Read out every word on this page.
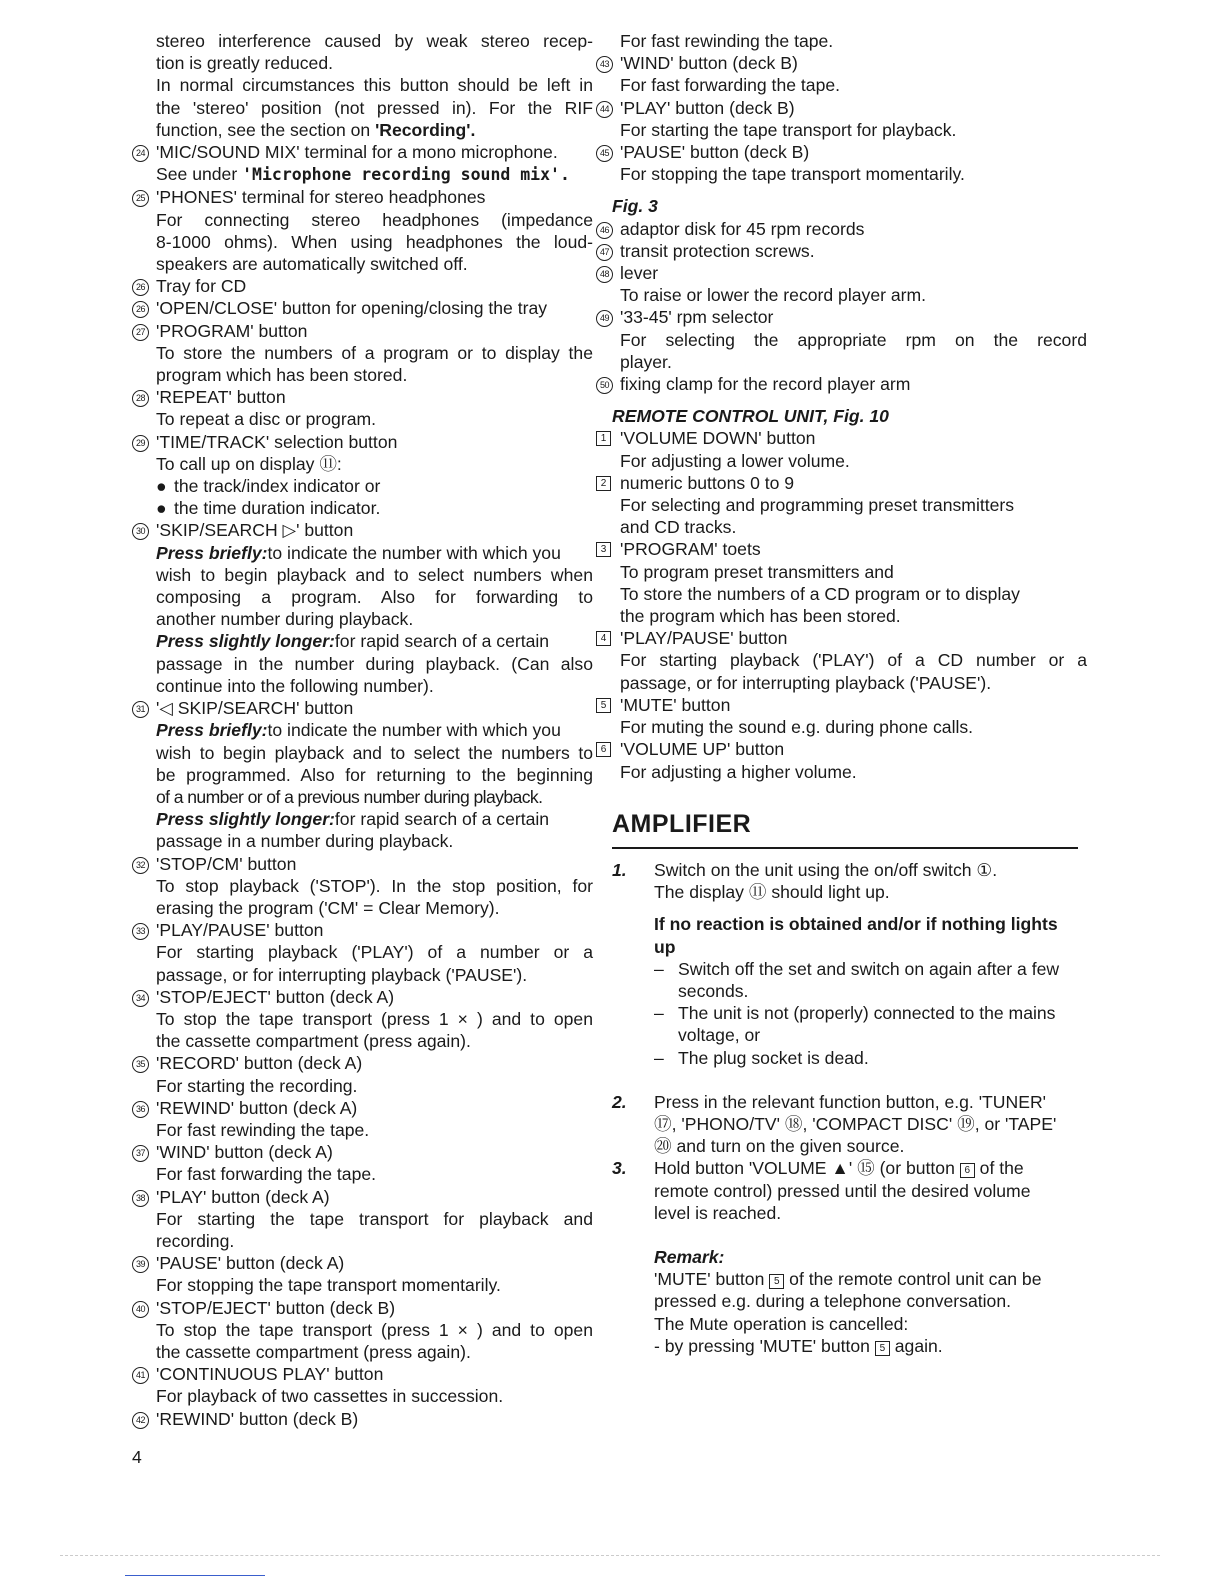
stereo interference caused by weak stereo recep-
tion is greatly reduced.
In normal circumstances this button should be left in
the 'stereo' position (not pressed in). For the RIF
function, see the section on 'Recording'.
24 'MIC/SOUND MIX' terminal for a mono microphone.
See under 'Microphone recording sound mix'.
25 'PHONES' terminal for stereo headphones
For connecting stereo headphones (impedance
8-1000 ohms). When using headphones the loud-
speakers are automatically switched off.
26 Tray for CD
26 'OPEN/CLOSE' button for opening/closing the tray
27 'PROGRAM' button
To store the numbers of a program or to display the
program which has been stored.
28 'REPEAT' button
To repeat a disc or program.
29 'TIME/TRACK' selection button
To call up on display ⑪:
● the track/index indicator or
● the time duration indicator.
30 'SKIP/SEARCH ▷' button
Press briefly:to indicate the number with which you
wish to begin playback and to select numbers when
composing a program. Also for forwarding to
another number during playback.
Press slightly longer:for rapid search of a certain
passage in the number during playback. (Can also
continue into the following number).
31 '◁ SKIP/SEARCH' button
Press briefly:to indicate the number with which you
wish to begin playback and to select the numbers to
be programmed. Also for returning to the beginning
of a number or of a previous number during playback.
Press slightly longer:for rapid search of a certain
passage in a number during playback.
32 'STOP/CM' button
To stop playback ('STOP'). In the stop position, for
erasing the program ('CM' = Clear Memory).
33 'PLAY/PAUSE' button
For starting playback ('PLAY') of a number or a
passage, or for interrupting playback ('PAUSE').
34 'STOP/EJECT' button (deck A)
To stop the tape transport (press 1 × ) and to open
the cassette compartment (press again).
35 'RECORD' button (deck A)
For starting the recording.
36 'REWIND' button (deck A)
For fast rewinding the tape.
37 'WIND' button (deck A)
For fast forwarding the tape.
38 'PLAY' button (deck A)
For starting the tape transport for playback and
recording.
39 'PAUSE' button (deck A)
For stopping the tape transport momentarily.
40 'STOP/EJECT' button (deck B)
To stop the tape transport (press 1 × ) and to open
the cassette compartment (press again).
41 'CONTINUOUS PLAY' button
For playback of two cassettes in succession.
42 'REWIND' button (deck B)
For fast rewinding the tape.
43 'WIND' button (deck B)
For fast forwarding the tape.
44 'PLAY' button (deck B)
For starting the tape transport for playback.
45 'PAUSE' button (deck B)
For stopping the tape transport momentarily.
Fig. 3
46 adaptor disk for 45 rpm records
47 transit protection screws.
48 lever
To raise or lower the record player arm.
49 '33-45' rpm selector
For selecting the appropriate rpm on the record
player.
50 fixing clamp for the record player arm
REMOTE CONTROL UNIT, Fig. 10
1 'VOLUME DOWN' button
For adjusting a lower volume.
2 numeric buttons 0 to 9
For selecting and programming preset transmitters
and CD tracks.
3 'PROGRAM' toets
To program preset transmitters and
To store the numbers of a CD program or to display
the program which has been stored.
4 'PLAY/PAUSE' button
For starting playback ('PLAY') of a CD number or a
passage, or for interrupting playback ('PAUSE').
5 'MUTE' button
For muting the sound e.g. during phone calls.
6 'VOLUME UP' button
For adjusting a higher volume.
AMPLIFIER
1. Switch on the unit using the on/off switch ①.
The display ⑪ should light up.
If no reaction is obtained and/or if nothing lights
up
– Switch off the set and switch on again after a few
seconds.
– The unit is not (properly) connected to the mains
voltage, or
– The plug socket is dead.
2. Press in the relevant function button, e.g. 'TUNER'
⑰, 'PHONO/TV' ⑱, 'COMPACT DISC' ⑲, or 'TAPE'
⑳ and turn on the given source.
3. Hold button 'VOLUME ▲' ⑮ (or button 6 of the
remote control) pressed until the desired volume
level is reached.
Remark:
'MUTE' button 5 of the remote control unit can be
pressed e.g. during a telephone conversation.
The Mute operation is cancelled:
- by pressing 'MUTE' button 5 again.
4
